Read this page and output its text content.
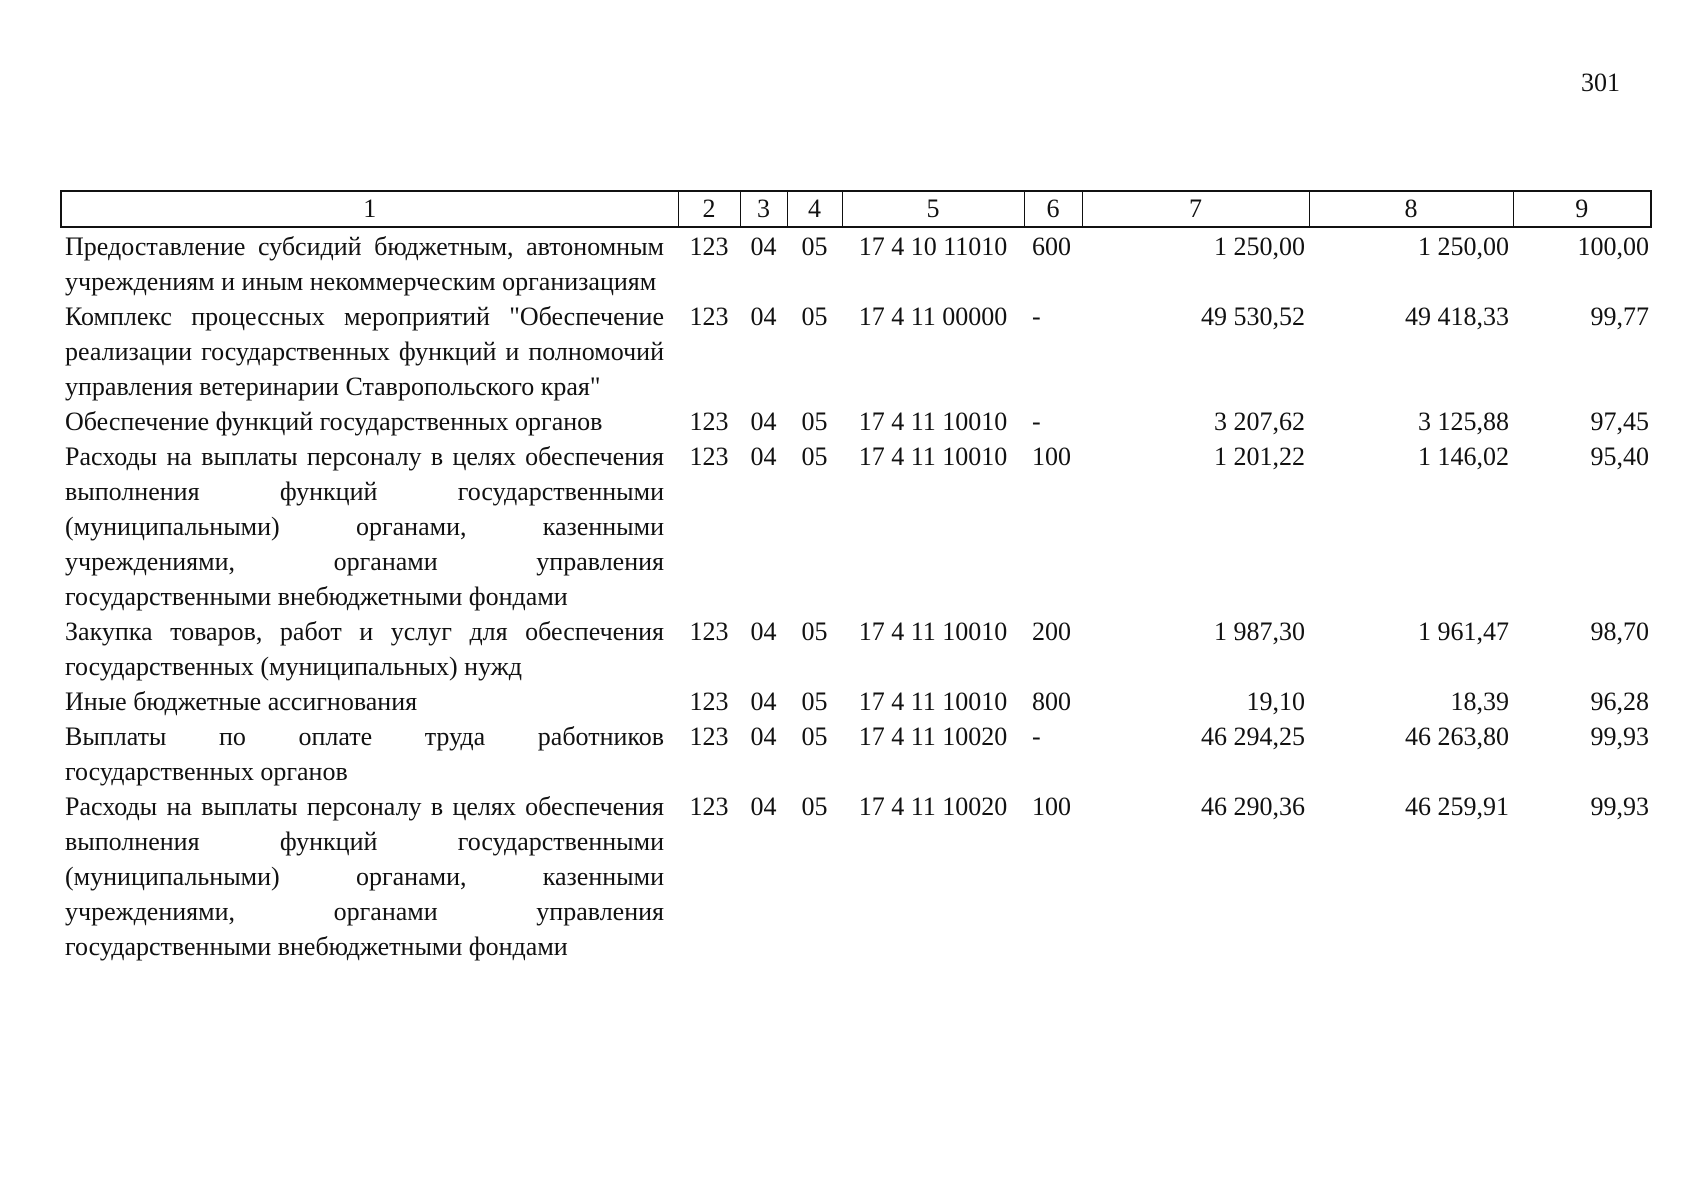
301
1	2	3	4	5	6	7	8	9
Предоставление субсидий бюджетным, автономным учреждениям и иным некоммерческим организациям	123	04	05	17 4 10 11010	600	1 250,00	1 250,00	100,00
Комплекс процессных мероприятий "Обеспечение реализации государственных функций и полномочий управления ветеринарии Ставропольского края"	123	04	05	17 4 11 00000	-	49 530,52	49 418,33	99,77
Обеспечение функций государственных органов	123	04	05	17 4 11 10010	-	3 207,62	3 125,88	97,45
Расходы на выплаты персоналу в целях обеспечения выполнения функций государственными (муниципальными) органами, казенными учреждениями, органами управления государственными внебюджетными фондами	123	04	05	17 4 11 10010	100	1 201,22	1 146,02	95,40
Закупка товаров, работ и услуг для обеспечения государственных (муниципальных) нужд	123	04	05	17 4 11 10010	200	1 987,30	1 961,47	98,70
Иные бюджетные ассигнования	123	04	05	17 4 11 10010	800	19,10	18,39	96,28
Выплаты по оплате труда работников государственных органов	123	04	05	17 4 11 10020	-	46 294,25	46 263,80	99,93
Расходы на выплаты персоналу в целях обеспечения выполнения функций государственными (муниципальными) органами, казенными учреждениями, органами управления государственными внебюджетными фондами	123	04	05	17 4 11 10020	100	46 290,36	46 259,91	99,93
